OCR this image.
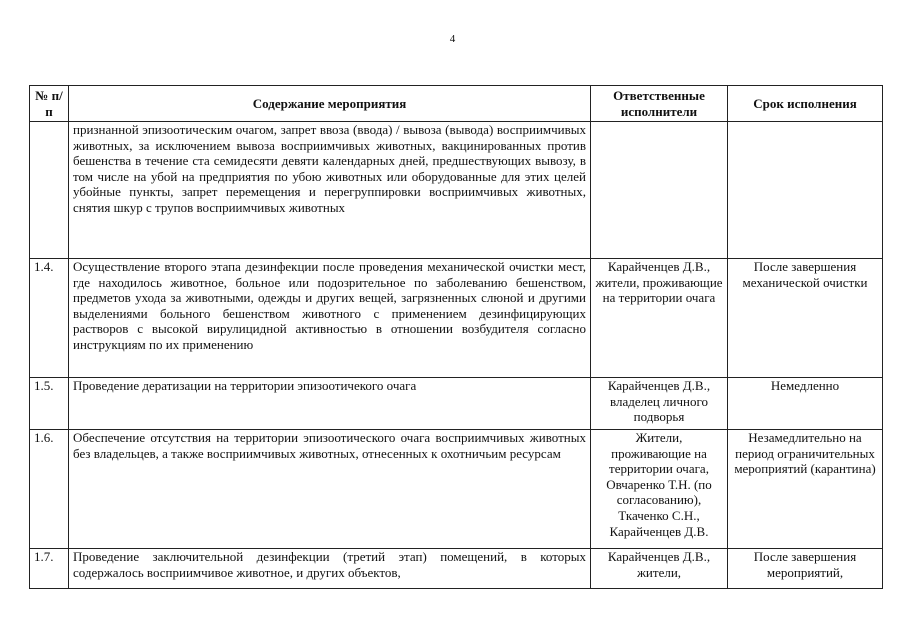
4
№ п/п	Содержание мероприятия	Ответственные исполнители	Срок исполнения
	признанной эпизоотическим очагом, запрет ввоза (ввода) / вывоза (вывода) восприимчивых животных, за исключением вывоза восприимчивых животных, вакцинированных против бешенства в течение ста семидесяти девяти календарных дней, предшествующих вывозу, в том числе на убой на предприятия по убою животных или оборудованные для этих целей убойные пункты, запрет перемещения и перегруппировки восприимчивых животных, снятия шкур с трупов восприимчивых животных		
1.4.	Осуществление второго этапа дезинфекции после проведения механической очистки мест, где находилось животное, больное или подозрительное по заболеванию бешенством, предметов ухода за животными, одежды и других вещей, загрязненных слюной и другими выделениями больного бешенством животного с применением дезинфицирующих растворов с высокой вирулицидной активностью в отношении возбудителя согласно инструкциям по их применению	Карайченцев Д.В., жители, проживающие на территории очага	После завершения механической очистки
1.5.	Проведение дератизации на территории эпизоотичекого очага	Карайченцев Д.В., владелец личного подворья	Немедленно
1.6.	Обеспечение отсутствия на территории эпизоотического очага восприимчивых животных без владельцев, а также восприимчивых животных, отнесенных к охотничьим ресурсам	Жители, проживающие на территории очага, Овчаренко Т.Н. (по согласованию), Ткаченко С.Н., Карайченцев Д.В.	Незамедлительно на период ограничительных мероприятий (карантина)
1.7.	Проведение заключительной дезинфекции (третий этап) помещений, в которых содержалось восприимчивое животное, и других объектов,	Карайченцев Д.В., жители,	После завершения мероприятий,
